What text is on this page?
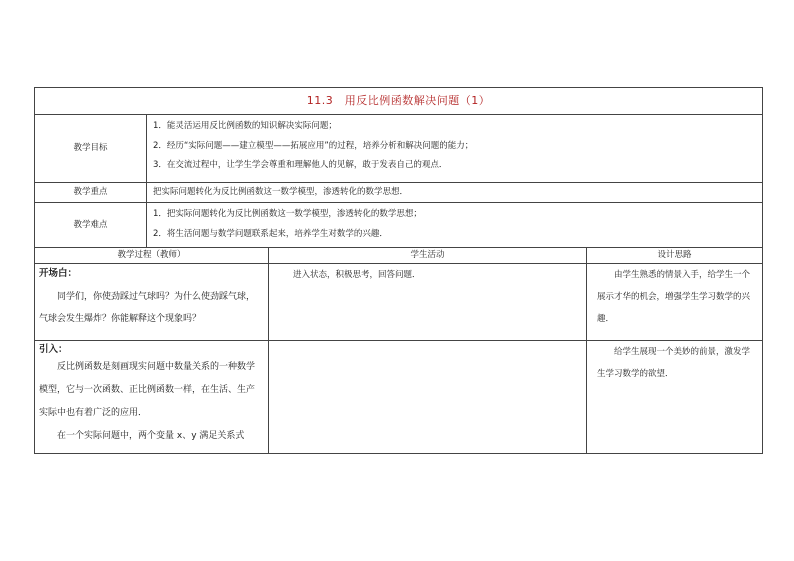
11.3　用反比例函数解决问题（1）			
教学目标	1．能灵活运用反比例函数的知识解决实际问题；
2．经历“实际问题——建立模型——拓展应用”的过程，培养分析和解决问题的能力；
3．在交流过程中，让学生学会尊重和理解他人的见解，敢于发表自己的观点．		

教学重点	把实际问题转化为反比例函数这一数学模型，渗透转化的数学思想．		
教学难点	1．把实际问题转化为反比例函数这一数学模型，渗透转化的数学思想；
2．将生活问题与数学问题联系起来，培养学生对数学的兴趣．		

教学过程（教师）		学生活动	设计思路

开场白：
同学们，你使劲踩过气球吗？为什么使劲踩气球，气球会发生爆炸？你能解释这个现象吗？		进入状态，积极思考，回答问题．	由学生熟悉的情景入手，给学生一个展示才华的机会，増强学生学习数学的兴趣．

引入：
反比例函数是刻画现实问题中数量关系的一种数学模型，它与一次函数、正比例函数一样，在生活、生产实际中也有着广泛的应用．
在一个实际问题中，两个变量 x、y 满足关系式			给学生展现一个美妙的前景，激发学生学习数学的欲望．
